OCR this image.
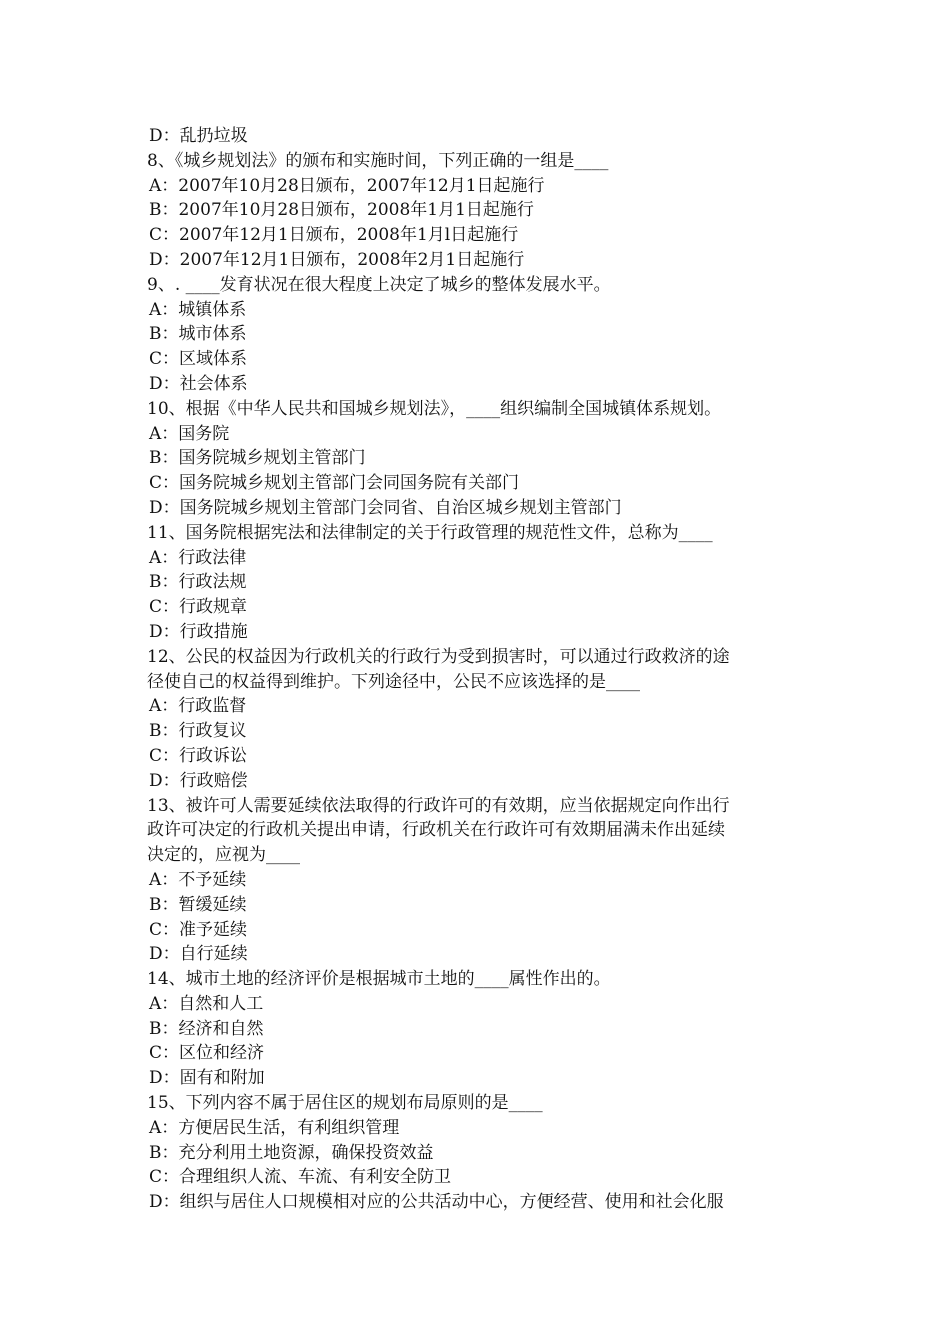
D：乱扔垃圾
8、《城乡规划法》的颁布和实施时间，下列正确的一组是____
A：2007年10月28日颁布，2007年12月1日起施行
B：2007年10月28日颁布，2008年1月1日起施行
C：2007年12月1日颁布，2008年1月l日起施行
D：2007年12月1日颁布，2008年2月1日起施行
9、. ____发育状况在很大程度上决定了城乡的整体发展水平。
A：城镇体系
B：城市体系
C：区域体系
D：社会体系
10、根据《中华人民共和国城乡规划法》，____组织编制全国城镇体系规划。
A：国务院
B：国务院城乡规划主管部门
C：国务院城乡规划主管部门会同国务院有关部门
D：国务院城乡规划主管部门会同省、自治区城乡规划主管部门
11、国务院根据宪法和法律制定的关于行政管理的规范性文件，总称为____
A：行政法律
B：行政法规
C：行政规章
D：行政措施
12、公民的权益因为行政机关的行政行为受到损害时，可以通过行政救济的途
径使自己的权益得到维护。下列途径中，公民不应该选择的是____
A：行政监督
B：行政复议
C：行政诉讼
D：行政赔偿
13、被许可人需要延续依法取得的行政许可的有效期，应当依据规定向作出行
政许可决定的行政机关提出申请，行政机关在行政许可有效期届满未作出延续
决定的，应视为____
A：不予延续
B：暂缓延续
C：准予延续
D：自行延续
14、城市土地的经济评价是根据城市土地的____属性作出的。
A：自然和人工
B：经济和自然
C：区位和经济
D：固有和附加
15、下列内容不属于居住区的规划布局原则的是____
A：方便居民生活，有利组织管理
B：充分利用土地资源，确保投资效益
C：合理组织人流、车流、有利安全防卫
D：组织与居住人口规模相对应的公共活动中心，方便经营、使用和社会化服
